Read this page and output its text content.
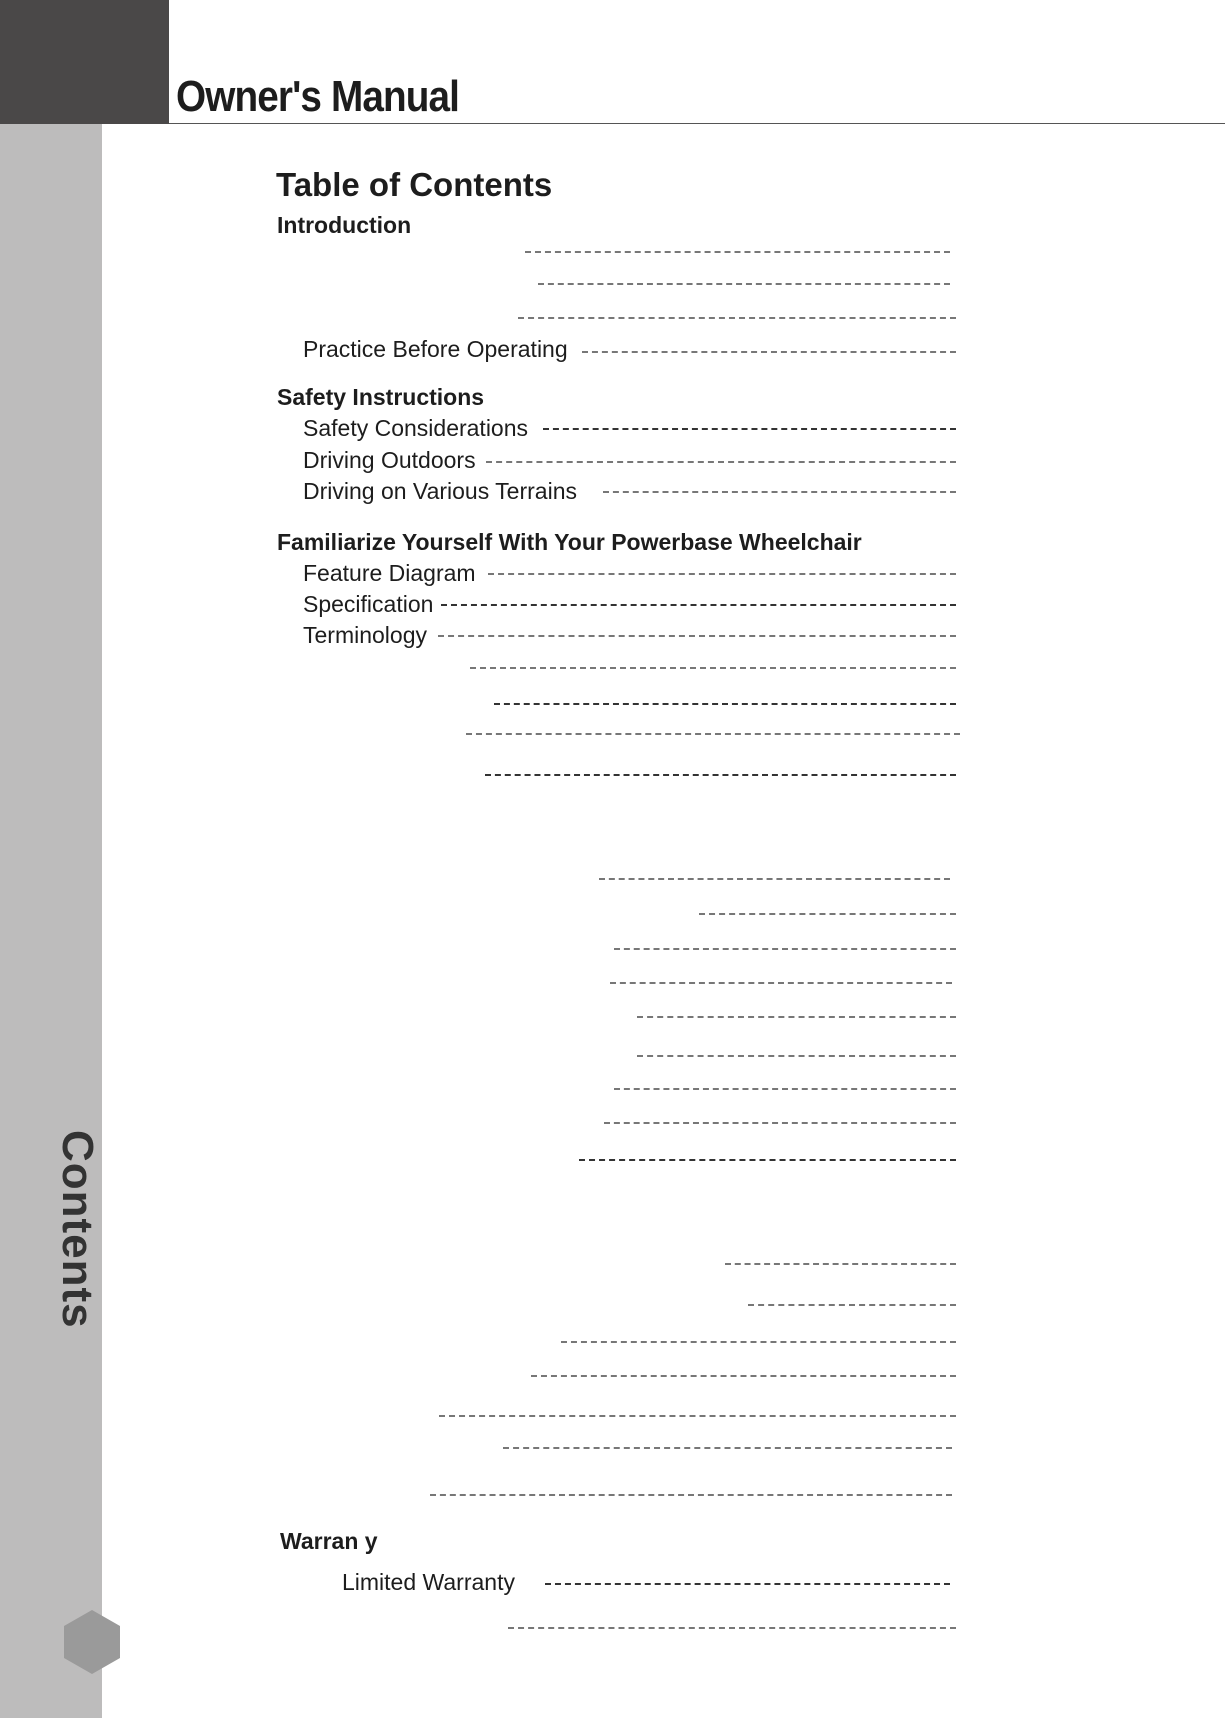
Owner's Manual
Contents
Table of Contents
Introduction
Practice Before Operating
Safety Instructions
Safety Considerations
Driving Outdoors
Driving on Various Terrains
Familiarize Yourself With Your Powerbase Wheelchair
Feature Diagram
Specification
Terminology
Warran y
Limited Warranty
